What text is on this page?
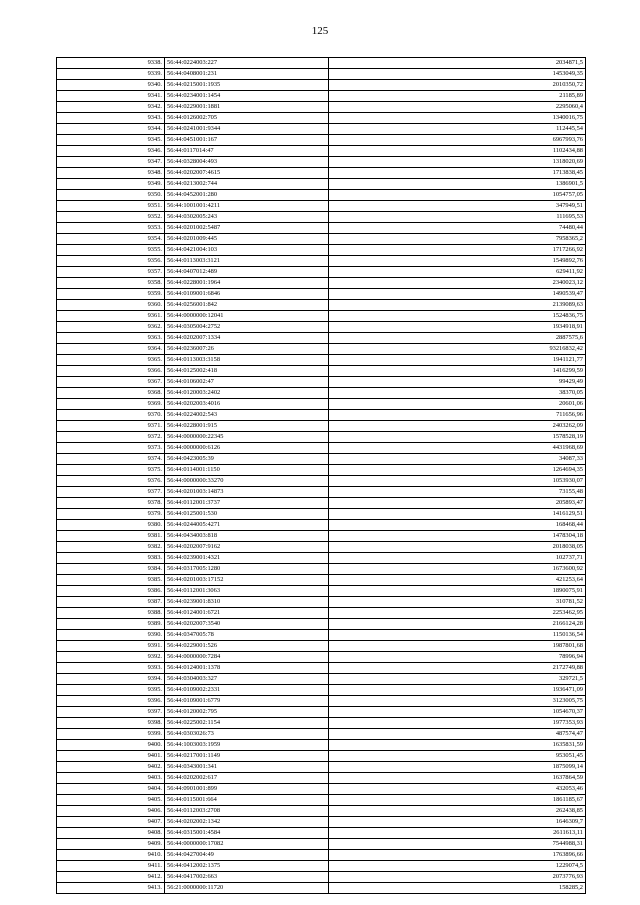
125
9338.	56:44:0224003:227	2034871,5
9339.	56:44:0408001:231	1453049,35
9340.	56:44:0215001:1935	2010350,72
9341.	56:44:0234001:1454	21185,89
9342.	56:44:0229001:1881	2295060,4
9343.	56:44:0126002:705	1340016,75
9344.	56:44:0241001:9344	112445,54
9345.	56:44:0451001:167	6967993,76
9346.	56:44:0117014:47	1102434,88
9347.	56:44:0328004:493	1318020,69
9348.	56:44:0202007:4615	1713838,45
9349.	56:44:0213002:744	1386901,5
9350.	56:44:0452001:280	1054757,05
9351.	56:44:1001001:4211	347949,51
9352.	56:44:0302005:243	111695,53
9353.	56:44:0201002:5487	74480,44
9354.	56:44:0201009:445	7958365,2
9355.	56:44:0421004:103	1717266,92
9356.	56:44:0113003:3121	1549892,76
9357.	56:44:0407012:489	629411,92
9358.	56:44:0228001:1964	2340023,12
9359.	56:44:0109001:6846	1490539,47
9360.	56:44:0256001:842	2139089,63
9361.	56:44:0000000:12041	1524836,75
9362.	56:44:0305004:2752	1934918,91
9363.	56:44:0202007:1334	2887575,6
9364.	56:44:0236007:26	93216832,42
9365.	56:44:0113003:3158	1941121,77
9366.	56:44:0125002:418	1416299,59
9367.	56:44:0106002:47	99429,49
9368.	56:44:0120003:2402	38370,05
9369.	56:44:0202003:4016	20601,06
9370.	56:44:0224002:543	711656,96
9371.	56:44:0228001:915	2403262,09
9372.	56:44:0000000:22345	1578528,19
9373.	56:44:0000000:6126	4431968,69
9374.	56:44:0423005:39	34087,33
9375.	56:44:0114001:1150	1264694,35
9376.	56:44:0000000:33270	1053930,07
9377.	56:44:0201003:14873	73155,48
9378.	56:44:0112001:3737	205893,47
9379.	56:44:0125001:530	1416129,51
9380.	56:44:0244005:4271	168468,44
9381.	56:44:0434003:818	1478304,18
9382.	56:44:0202007:9162	2018038,05
9383.	56:44:0239001:4321	102737,71
9384.	56:44:0317005:1280	1673600,92
9385.	56:44:0201003:17152	421253,64
9386.	56:44:0112001:3063	1890075,91
9387.	56:44:0239001:8310	310781,52
9388.	56:44:0124001:6721	2253462,95
9389.	56:44:0202007:3540	2166124,28
9390.	56:44:0347005:78	1150136,54
9391.	56:44:0229001:526	1987801,68
9392.	56:44:0000000:7284	78996,94
9393.	56:44:0124001:1378	2172749,88
9394.	56:44:0304003:327	329721,5
9395.	56:44:0109002:2331	1936471,09
9396.	56:44:0109001:6779	3123005,75
9397.	56:44:0120002:795	1054670,37
9398.	56:44:0225002:1154	1977353,93
9399.	56:44:0303026:73	487574,47
9400.	56:44:1003003:1959	1635831,59
9401.	56:44:0217001:1149	953051,45
9402.	56:44:0343001:341	1875099,14
9403.	56:44:0202002:617	1637864,59
9404.	56:44:0901001:899	432053,46
9405.	56:44:0115001:664	1861185,67
9406.	56:44:0112003:2708	262438,85
9407.	56:44:0202002:1342	1646309,7
9408.	56:44:0315001:4584	2611613,11
9409.	56:44:0000000:17082	7544988,31
9410.	56:44:0427004:49	1763896,66
9411.	56:44:0412002:1375	1229074,5
9412.	56:44:0417002:663	2073776,93
9413.	56:21:0000000:11720	158285,2
